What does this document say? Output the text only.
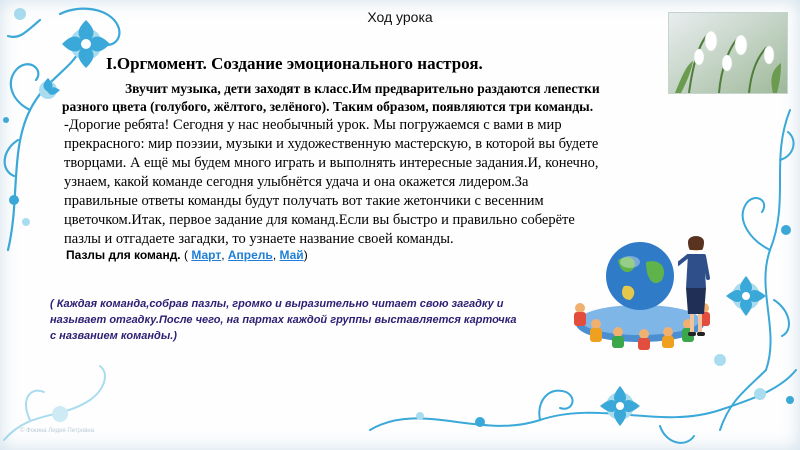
Ход урока
I.Оргмомент. Создание эмоционального настроя.
Звучит музыка, дети заходят в класс.Им предварительно раздаются лепестки
разного цвета (голубого, жёлтого, зелёного). Таким образом, появляются три команды.
-Дорогие ребята! Сегодня у нас необычный урок. Мы погружаемся с вами в мир
прекрасного: мир поэзии, музыки и художественную мастерскую, в которой вы будете
творцами. А ещё мы будем много играть и выполнять интересные задания.И, конечно,
узнаем, какой команде сегодня улыбнётся удача и она окажется лидером.За
правильные ответы команды будут получать вот такие жетончики с весенним
цветочком.Итак, первое задание для команд.Если вы быстро и правильно соберёте
пазлы и отгадаете загадки, то узнаете название своей команды.
Пазлы для команд. ( Март, Апрель, Май)
( Каждая команда,собрав пазлы, громко и выразительно читает свою загадку и
называет отгадку.После чего, на партах каждой группы выставляется карточка
с названием команды.)
© Фокина Лидия Петровна
